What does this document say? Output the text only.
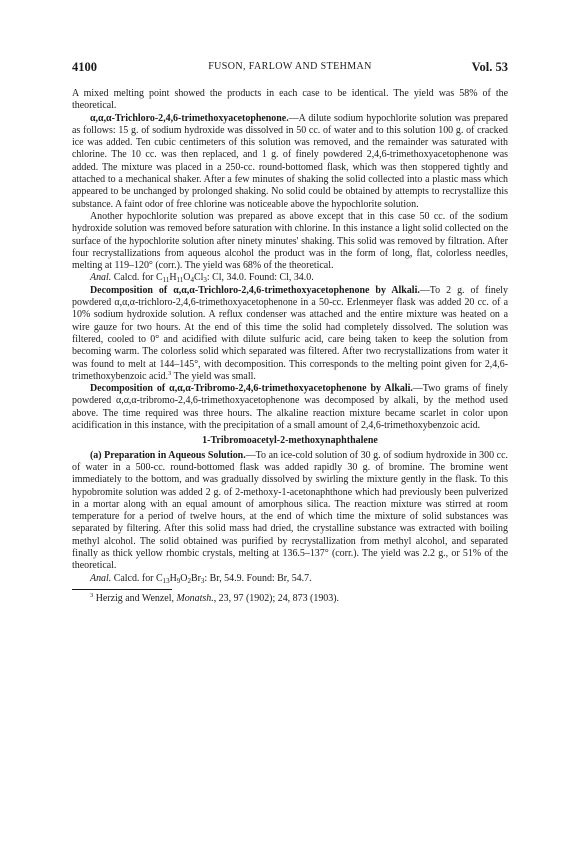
4100	FUSON, FARLOW AND STEHMAN	Vol. 53

A mixed melting point showed the products in each case to be identical. The yield was 58% of the theoretical.

α,α,α-Trichloro-2,4,6-trimethoxyacetophenone.—A dilute sodium hypochlorite solution was prepared as follows: 15 g. of sodium hydroxide was dissolved in 50 cc. of water and to this solution 100 g. of cracked ice was added. Ten cubic centimeters of this solution was removed, and the remainder was saturated with chlorine. The 10 cc. was then replaced, and 1 g. of finely powdered 2,4,6-trimethoxyacetophenone was added. The mixture was placed in a 250-cc. round-bottomed flask, which was then stoppered tightly and attached to a mechanical shaker. After a few minutes of shaking the solid collected into a plastic mass which appeared to be unchanged by prolonged shaking. No solid could be obtained by attempts to recrystallize this substance. A faint odor of free chlorine was noticeable above the hypochlorite solution.

Another hypochlorite solution was prepared as above except that in this case 50 cc. of the sodium hydroxide solution was removed before saturation with chlorine. In this instance a light solid collected on the surface of the hypochlorite solution after ninety minutes' shaking. This solid was removed by filtration. After four recrystallizations from aqueous alcohol the product was in the form of long, flat, colorless needles, melting at 119–120° (corr.). The yield was 68% of the theoretical.

Anal. Calcd. for $C_{11}H_{11}O_4Cl_3$: Cl, 34.0. Found: Cl, 34.0.

Decomposition of α,α,α-Trichloro-2,4,6-trimethoxyacetophenone by Alkali.—To 2 g. of finely powdered α,α,α-trichloro-2,4,6-trimethoxyacetophenone in a 50-cc. Erlenmeyer flask was added 20 cc. of a 10% sodium hydroxide solution. A reflux condenser was attached and the entire mixture was heated on a wire gauze for two hours. At the end of this time the solid had completely dissolved. The solution was filtered, cooled to 0° and acidified with dilute sulfuric acid, care being taken to keep the solution from becoming warm. The colorless solid which separated was filtered. After two recrystallizations from water it was found to melt at 144–145°, with decomposition. This corresponds to the melting point given for 2,4,6-trimethoxybenzoic acid.$^3$ The yield was small.

Decomposition of α,α,α-Tribromo-2,4,6-trimethoxyacetophenone by Alkali.—Two grams of finely powdered α,α,α-tribromo-2,4,6-trimethoxyacetophenone was decomposed by alkali, by the method used above. The time required was three hours. The alkaline reaction mixture became scarlet in color upon acidification in this instance, with the precipitation of a small amount of 2,4,6-trimethoxybenzoic acid.

1-Tribromoacetyl-2-methoxynaphthalene

(a) Preparation in Aqueous Solution.—To an ice-cold solution of 30 g. of sodium hydroxide in 300 cc. of water in a 500-cc. round-bottomed flask was added rapidly 30 g. of bromine. The bromine went immediately to the bottom, and was gradually dissolved by swirling the mixture gently in the flask. To this hypobromite solution was added 2 g. of 2-methoxy-1-acetonaphthone which had previously been pulverized in a mortar along with an equal amount of amorphous silica. The reaction mixture was stirred at room temperature for a period of twelve hours, at the end of which time the mixture of solid substances was separated by filtering. After this solid mass had dried, the crystalline substance was extracted with boiling methyl alcohol. The solid obtained was purified by recrystallization from methyl alcohol, and separated finally as thick yellow rhombic crystals, melting at 136.5–137° (corr.). The yield was 2.2 g., or 51% of the theoretical.

Anal. Calcd. for $C_{13}H_9O_2Br_3$: Br, 54.9. Found: Br, 54.7.

$^3$ Herzig and Wenzel, Monatsh., 23, 97 (1902); 24, 873 (1903).
